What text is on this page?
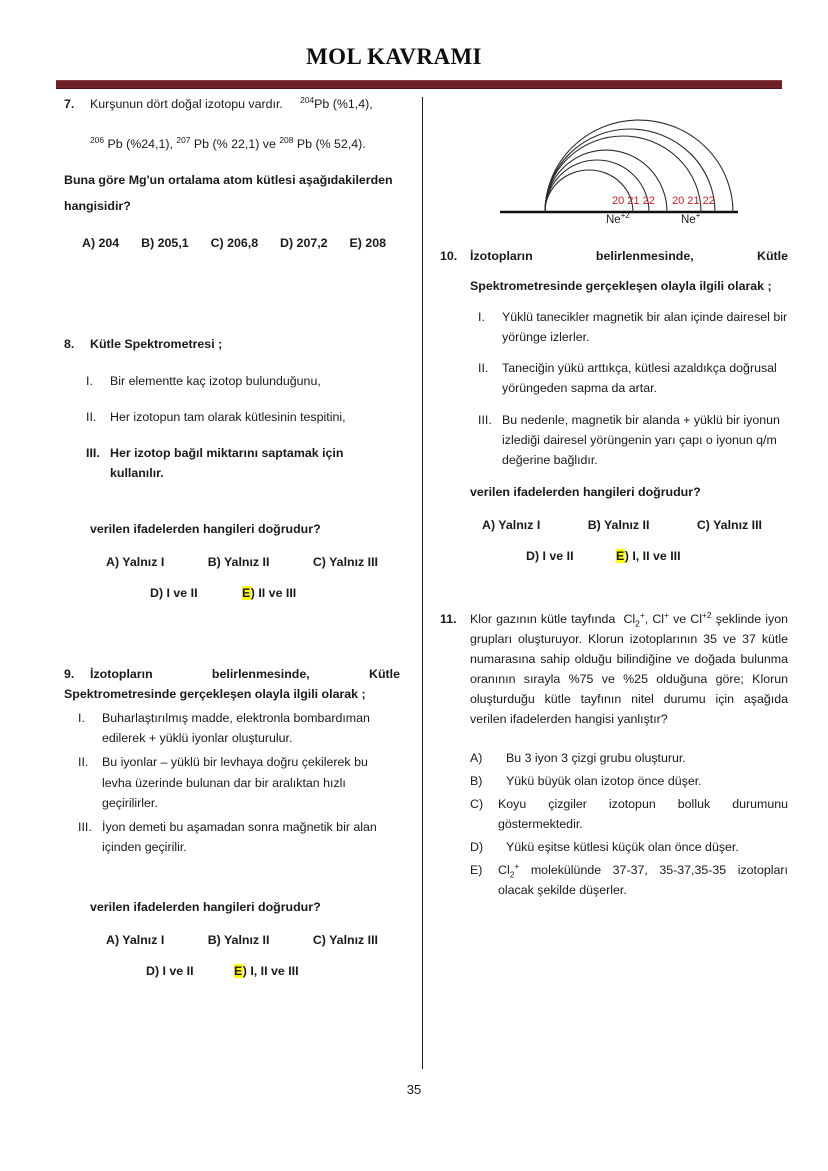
MOL KAVRAMI
7.	Kurşunun dört doğal izotopu vardır. $^{204}$Pb (%1,4),

$^{206}$ Pb (%24,1), $^{207}$ Pb (% 22,1) ve $^{208}$ Pb (% 52,4).
Buna göre Mg'un ortalama atom kütlesi aşağıdakilerden
hangisidir?
A) 204 B) 205,1 C) 206,8 D) 207,2 E) 208
8.	Kütle Spektrometresi ;
I.	Bir elementte kaç izotop bulunduğunu,
II.	Her izotopun tam olarak kütlesinin tespitini,
III. Her izotop bağıl miktarını saptamak için kullanılır.
verilen ifadelerden hangileri doğrudur?
A) Yalnız I	B) Yalnız II	C) Yalnız III
D) I ve II	E) II ve III
9.	İzotopların	belirlenmesinde,	Kütle
Spektrometresinde gerçekleşen olayla ilgili olarak ;
I.	Buharlaştırılmış madde, elektronla bombardıman edilerek + yüklü iyonlar oluşturulur.
II.	Bu iyonlar – yüklü bir levhaya doğru çekilerek bu levha üzerinde bulunan dar bir aralıktan hızlı geçirilirler.
III. İyon demeti bu aşamadan sonra mağnetik bir alan içinden geçirilir.
verilen ifadelerden hangileri doğrudur?
A) Yalnız I	B) Yalnız II	C) Yalnız III
D) I ve II	E) I, II ve III
20 21 22 20 21 22
$Ne^{+2}$	Ne+
10.	İzotopların	belirlenmesinde,	Kütle
Spektrometresinde gerçekleşen olayla ilgili olarak ;
I.	Yüklü tanecikler magnetik bir alan içinde dairesel bir yörünge izlerler.
II.	Taneciğin yükü arttıkça, kütlesi azaldıkça doğrusal yörüngeden sapma da artar.
III. Bu nedenle, magnetik bir alanda + yüklü bir iyonun izlediği dairesel yörüngenin yarı çapı o iyonun q/m değerine bağlıdır.
verilen ifadelerden hangileri doğrudur?
A) Yalnız I	B) Yalnız II	C) Yalnız III
D) I ve II	E) I, II ve III
11.	Klor gazının kütle tayfında $Cl_2^+$, Cl+ ve $Cl^{+2}$ şeklinde iyon grupları oluşturuyor. Klorun izotoplarının 35 ve 37 kütle numarasına sahip olduğu bilindiğine ve doğada bulunma oranının sırayla %75 ve %25 olduğuna göre; Klorun oluşturduğu kütle tayfının nitel durumu için aşağıda verilen ifadelerden hangisi yanlıştır?
A)	Bu 3 iyon 3 çizgi grubu oluşturur.
B)	Yükü büyük olan izotop önce düşer.
C)	Koyu çizgiler izotopun bolluk durumunu göstermektedir.
D)	Yükü eşitse kütlesi küçük olan önce düşer.
E)	$Cl_2^+$ molekülünde 37-37, 35-37,35-35 izotopları olacak şekilde düşerler.
35
